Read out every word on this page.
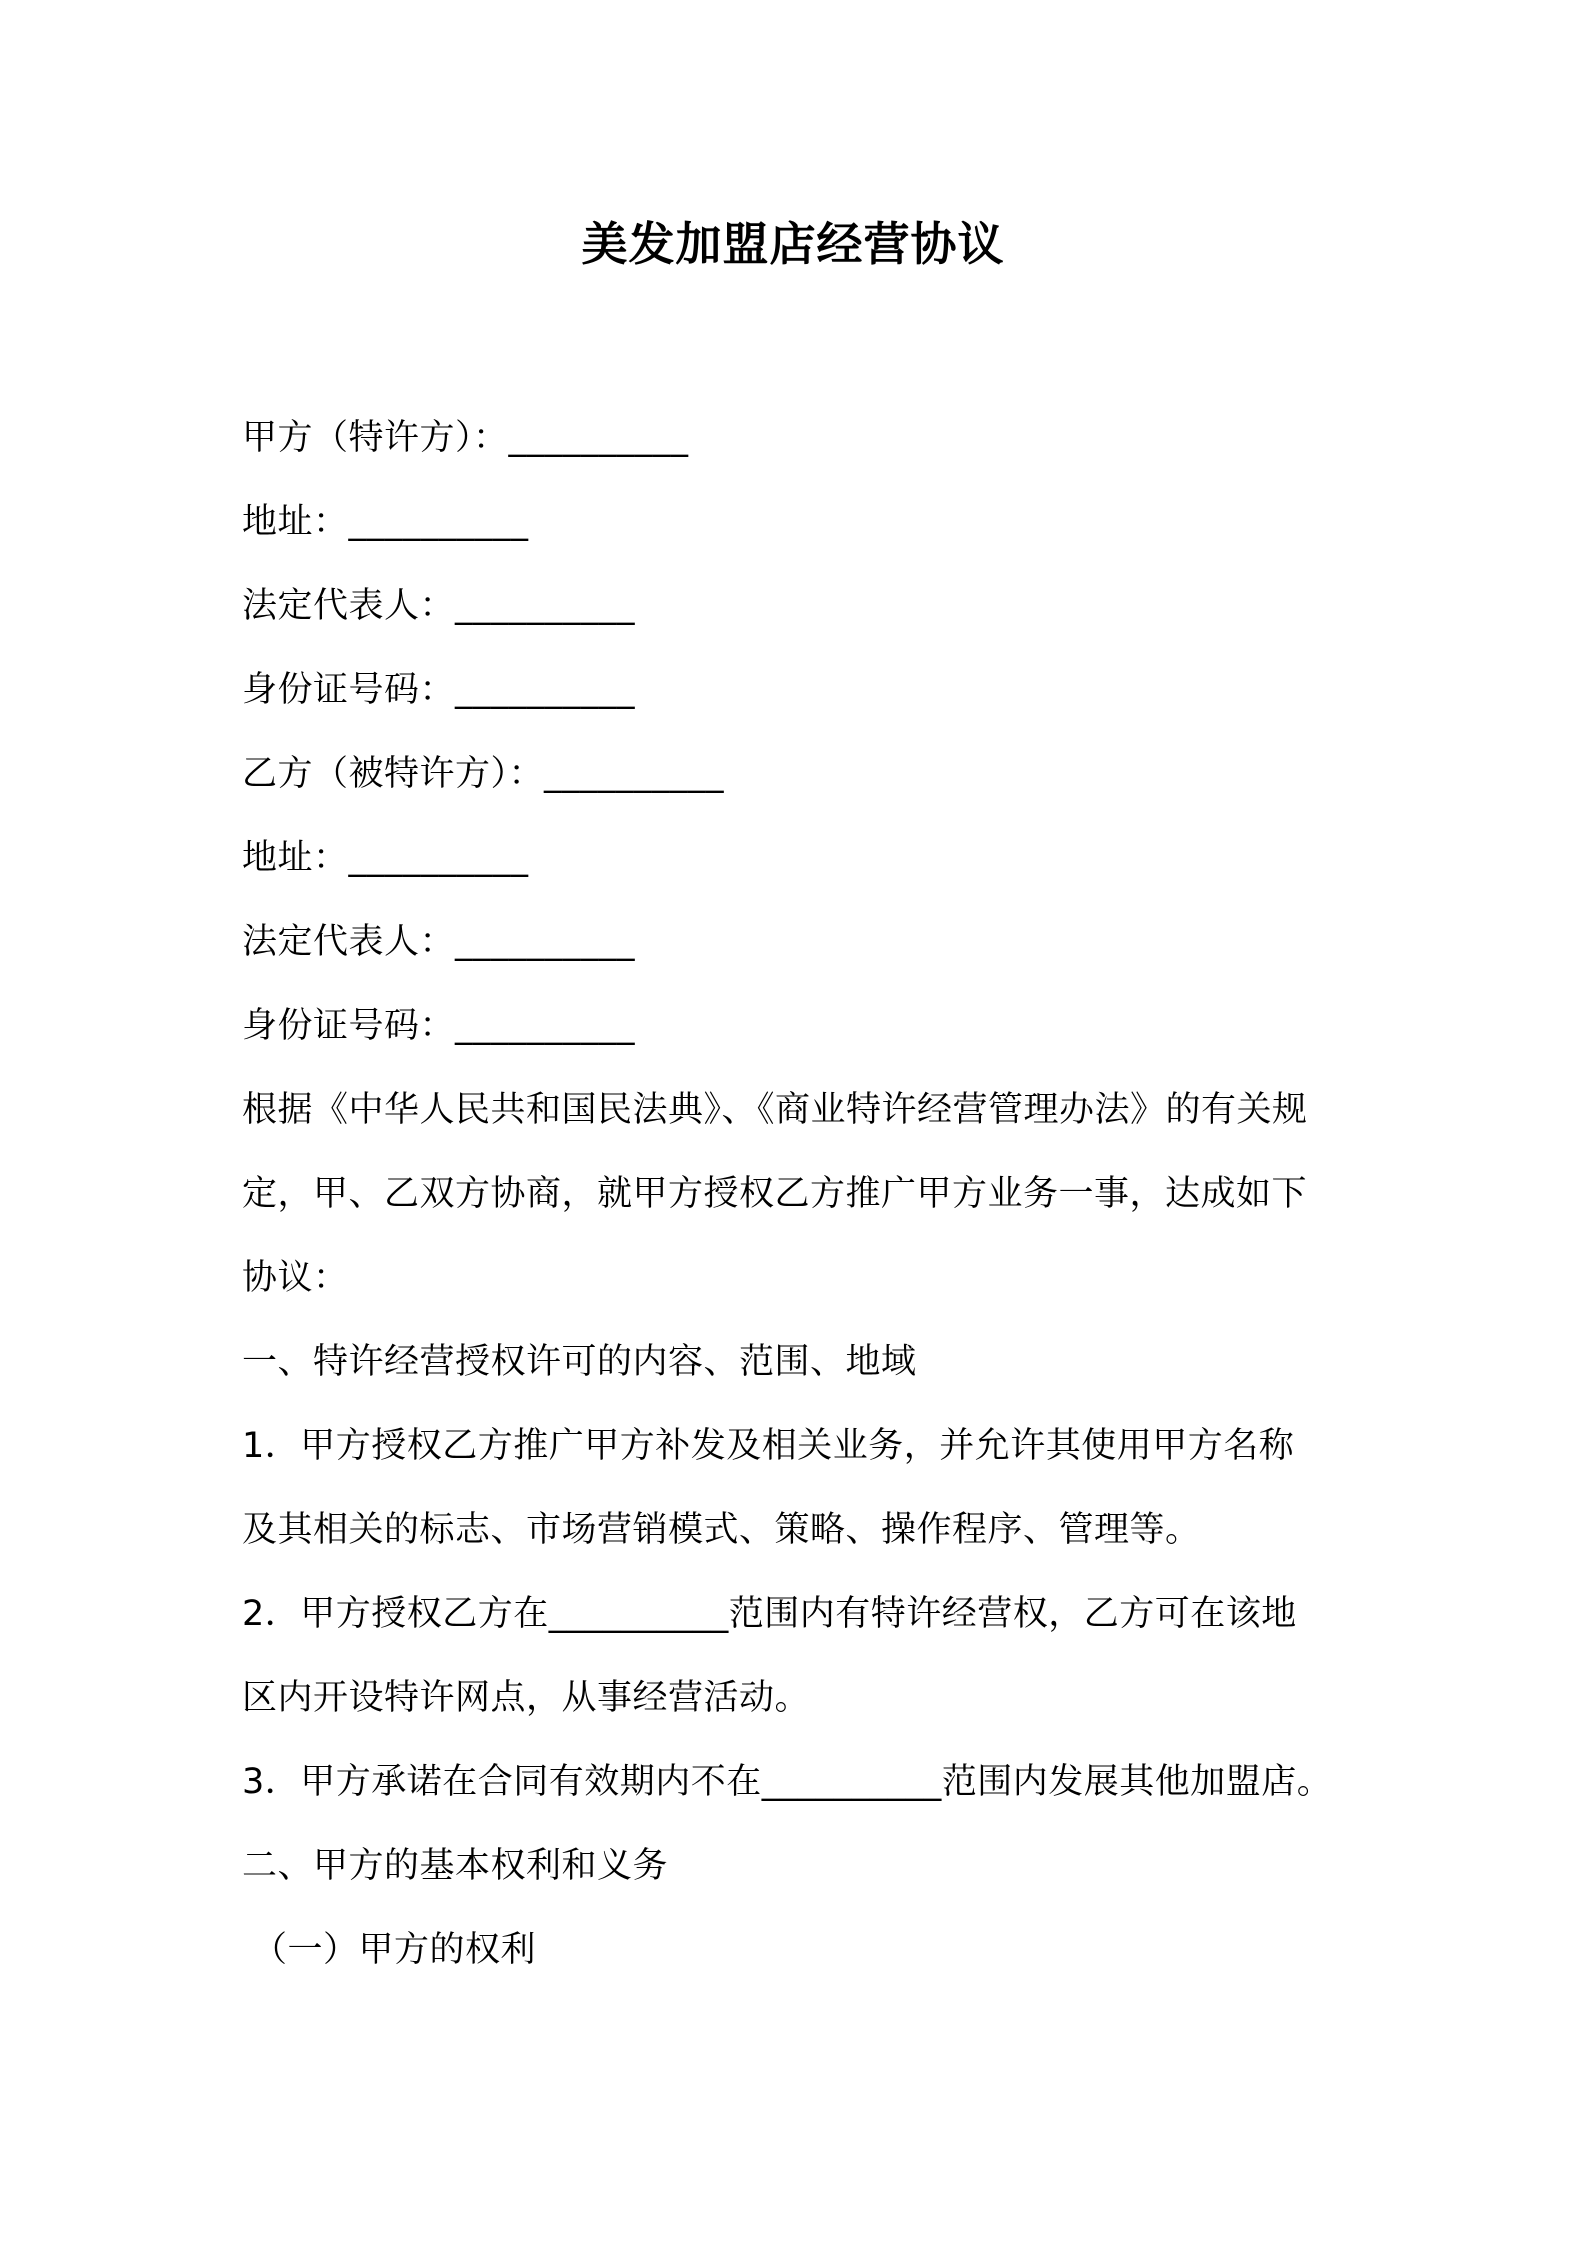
美发加盟店经营协议
甲方（特许方）：__________
地址：__________
法定代表人：__________
身份证号码：__________
乙方（被特许方）：__________
地址：__________
法定代表人：__________
身份证号码：__________
根据《中华人民共和国民法典》、《商业特许经营管理办法》的有关规
定，甲、乙双方协商，就甲方授权乙方推广甲方业务一事，达成如下
协议：
一、特许经营授权许可的内容、范围、地域
1．甲方授权乙方推广甲方补发及相关业务，并允许其使用甲方名称
及其相关的标志、市场营销模式、策略、操作程序、管理等。
2．甲方授权乙方在__________范围内有特许经营权，乙方可在该地
区内开设特许网点，从事经营活动。
3．甲方承诺在合同有效期内不在__________范围内发展其他加盟店。
二、甲方的基本权利和义务
（一）甲方的权利
